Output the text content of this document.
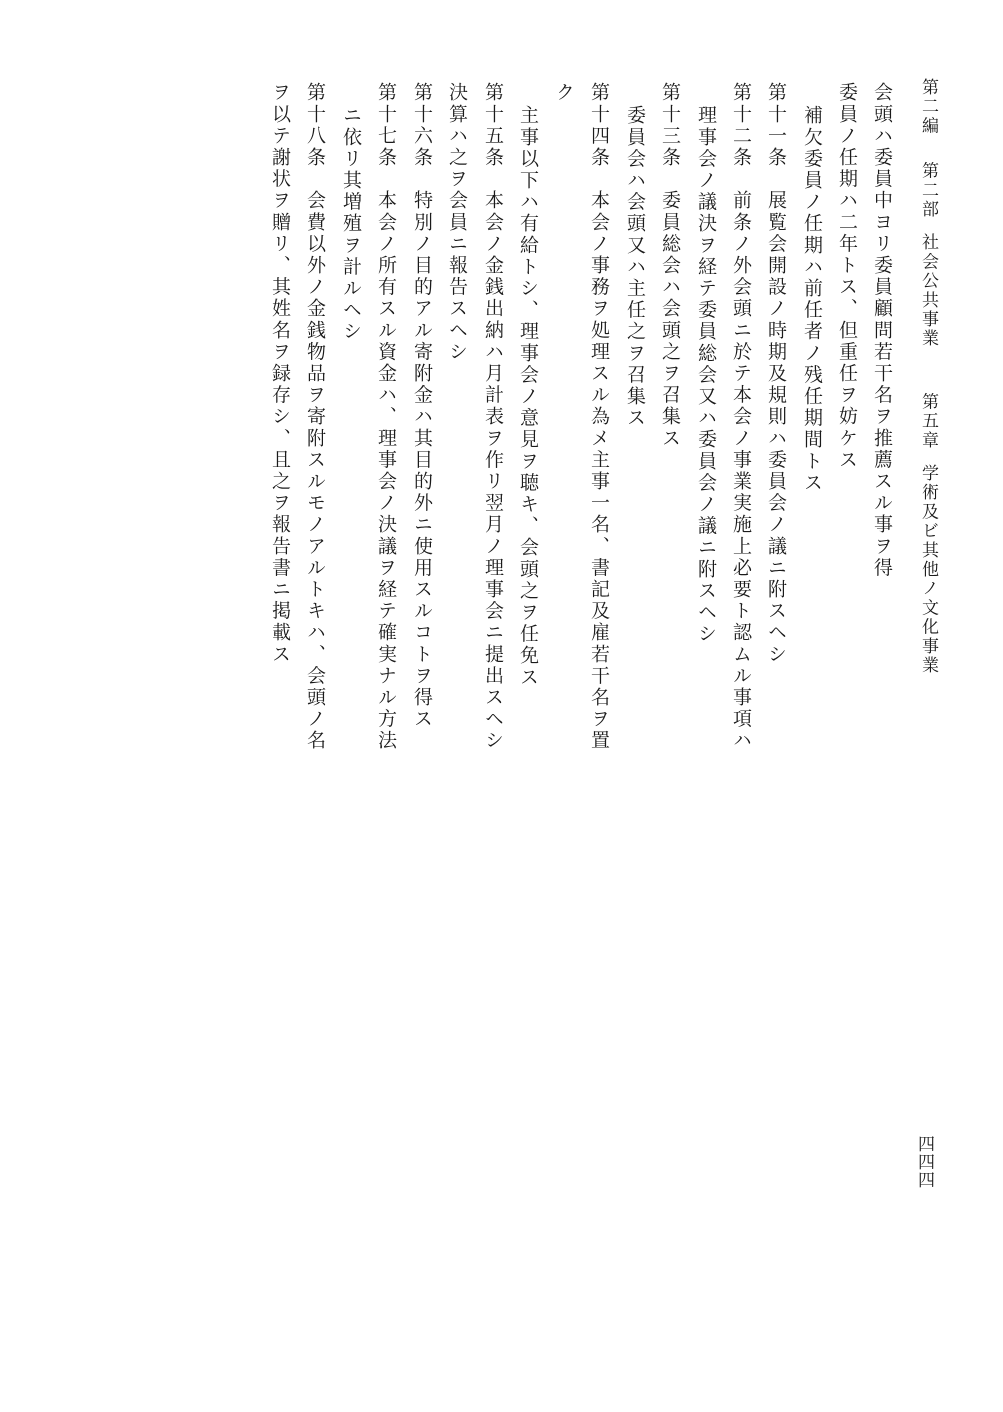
第二編第二部社会公共事業第五章学術及ビ其他ノ文化事業
会頭ハ委員中ヨリ委員顧問若干名ヲ推薦スル事ヲ得
委員ノ任期ハ二年トス、但重任ヲ妨ケス
補欠委員ノ任期ハ前任者ノ残任期間トス
第十一条　展覧会開設ノ時期及規則ハ委員会ノ議ニ附スヘシ
第十二条　前条ノ外会頭ニ於テ本会ノ事業実施上必要ト認ムル事項ハ
理事会ノ議決ヲ経テ委員総会又ハ委員会ノ議ニ附スヘシ
第十三条　委員総会ハ会頭之ヲ召集ス
委員会ハ会頭又ハ主任之ヲ召集ス
第十四条　本会ノ事務ヲ処理スル為メ主事一名、書記及雇若干名ヲ置
ク
主事以下ハ有給トシ、理事会ノ意見ヲ聴キ、会頭之ヲ任免ス
第十五条　本会ノ金銭出納ハ月計表ヲ作リ翌月ノ理事会ニ提出スヘシ
決算ハ之ヲ会員ニ報告スヘシ
第十六条　特別ノ目的アル寄附金ハ其目的外ニ使用スルコトヲ得ス
第十七条　本会ノ所有スル資金ハ、理事会ノ決議ヲ経テ確実ナル方法
ニ依リ其増殖ヲ計ルヘシ
第十八条　会費以外ノ金銭物品ヲ寄附スルモノアルトキハ、会頭ノ名
ヲ以テ謝状ヲ贈リ、其姓名ヲ録存シ、且之ヲ報告書ニ掲載ス
四四四
